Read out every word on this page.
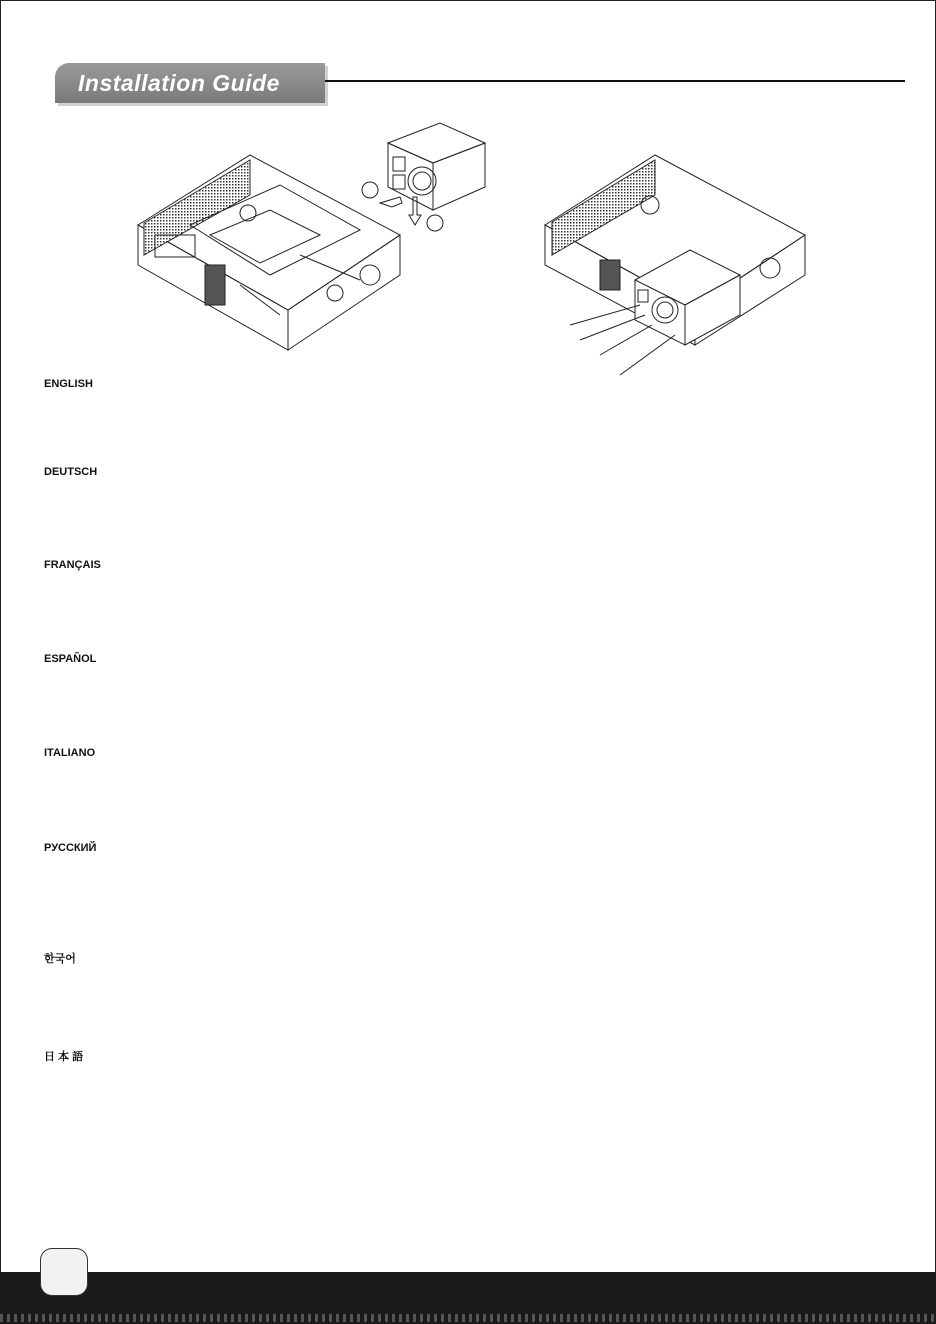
Installation Guide
ENGLISH
DEUTSCH
FRANÇAIS
ESPAÑOL
ITALIANO
РУССКИЙ
한국어
日 本 語
